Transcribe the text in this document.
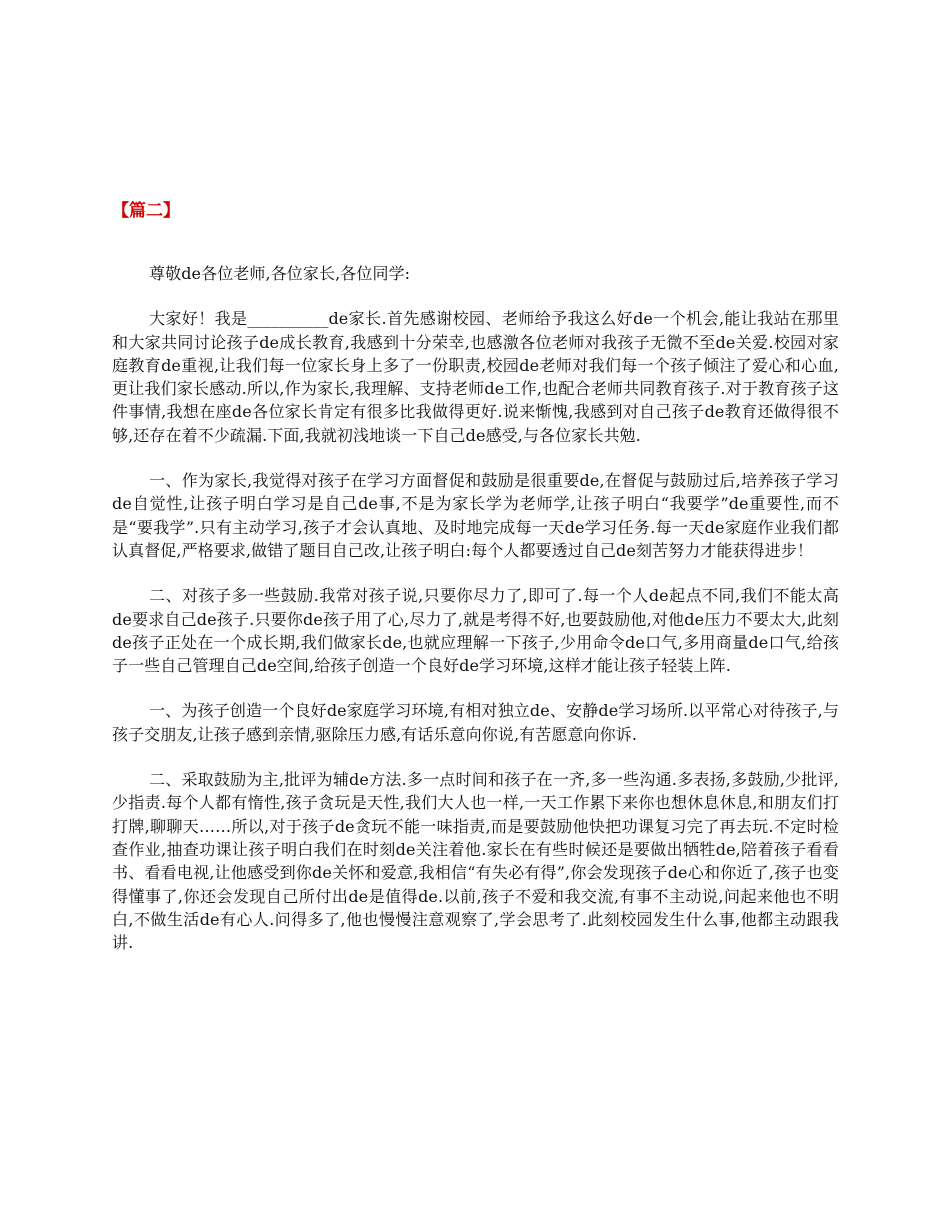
【篇二】

尊敬de各位老师,各位家长,各位同学:

大家好！我是__________de家长.首先感谢校园、老师给予我这么好de一个机会,能让我站在那里和大家共同讨论孩子de成长教育,我感到十分荣幸,也感激各位老师对我孩子无微不至de关爱.校园对家庭教育de重视,让我们每一位家长身上多了一份职责,校园de老师对我们每一个孩子倾注了爱心和心血,更让我们家长感动.所以,作为家长,我理解、支持老师de工作,也配合老师共同教育孩子.对于教育孩子这件事情,我想在座de各位家长肯定有很多比我做得更好.说来惭愧,我感到对自己孩子de教育还做得很不够,还存在着不少疏漏.下面,我就初浅地谈一下自己de感受,与各位家长共勉.

一、作为家长,我觉得对孩子在学习方面督促和鼓励是很重要de,在督促与鼓励过后,培养孩子学习de自觉性,让孩子明白学习是自己de事,不是为家长学为老师学,让孩子明白“我要学”de重要性,而不是“要我学”.只有主动学习,孩子才会认真地、及时地完成每一天de学习任务.每一天de家庭作业我们都认真督促,严格要求,做错了题目自己改,让孩子明白:每个人都要透过自己de刻苦努力才能获得进步！

二、对孩子多一些鼓励.我常对孩子说,只要你尽力了,即可了.每一个人de起点不同,我们不能太高de要求自己de孩子.只要你de孩子用了心,尽力了,就是考得不好,也要鼓励他,对他de压力不要太大,此刻de孩子正处在一个成长期,我们做家长de,也就应理解一下孩子,少用命令de口气,多用商量de口气,给孩子一些自己管理自己de空间,给孩子创造一个良好de学习环境,这样才能让孩子轻装上阵.

一、为孩子创造一个良好de家庭学习环境,有相对独立de、安静de学习场所.以平常心对待孩子,与孩子交朋友,让孩子感到亲情,驱除压力感,有话乐意向你说,有苦愿意向你诉.

二、采取鼓励为主,批评为辅de方法.多一点时间和孩子在一齐,多一些沟通.多表扬,多鼓励,少批评,少指责.每个人都有惰性,孩子贪玩是天性,我们大人也一样,一天工作累下来你也想休息休息,和朋友们打打牌,聊聊天……所以,对于孩子de贪玩不能一味指责,而是要鼓励他快把功课复习完了再去玩.不定时检查作业,抽查功课让孩子明白我们在时刻de关注着他.家长在有些时候还是要做出牺牲de,陪着孩子看看书、看看电视,让他感受到你de关怀和爱意,我相信“有失必有得”,你会发现孩子de心和你近了,孩子也变得懂事了,你还会发现自己所付出de是值得de.以前,孩子不爱和我交流,有事不主动说,问起来他也不明白,不做生活de有心人.问得多了,他也慢慢注意观察了,学会思考了.此刻校园发生什么事,他都主动跟我讲.
